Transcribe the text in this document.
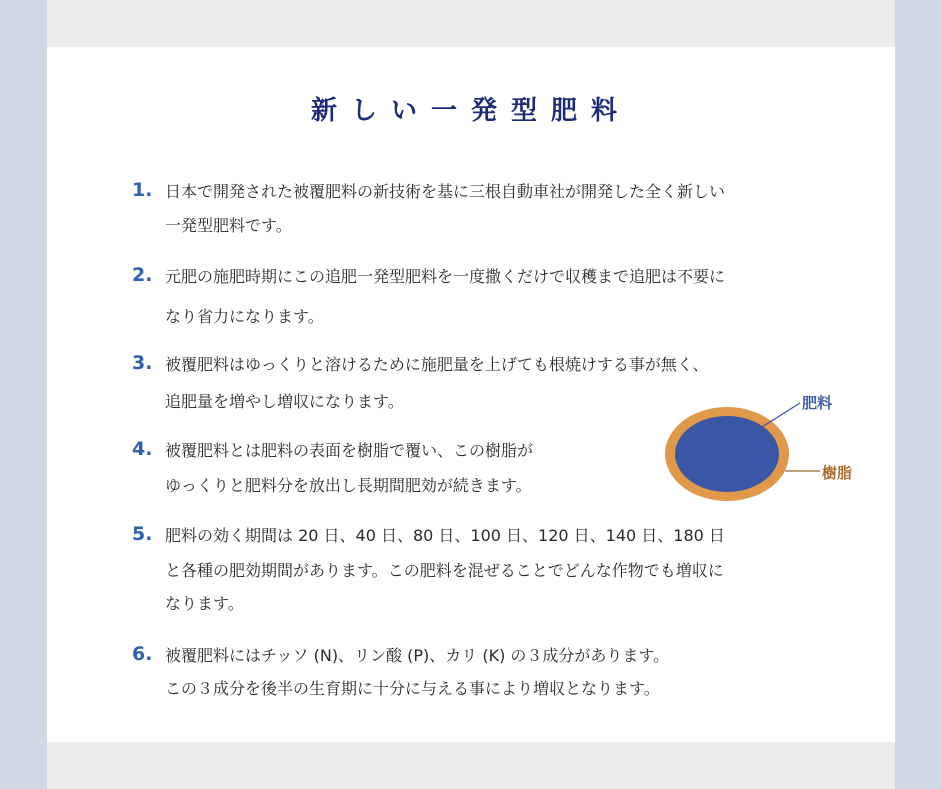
新しい一発型肥料
1. 日本で開発された被覆肥料の新技術を基に三根自動車社が開発した全く新しい
一発型肥料です。
2. 元肥の施肥時期にこの追肥一発型肥料を一度撒くだけで収穫まで追肥は不要に
なり省力になります。
3. 被覆肥料はゆっくりと溶けるために施肥量を上げても根焼けする事が無く、
追肥量を増やし増収になります。
4. 被覆肥料とは肥料の表面を樹脂で覆い、この樹脂が
ゆっくりと肥料分を放出し長期間肥効が続きます。
5. 肥料の効く期間は 20 日、40 日、80 日、100 日、120 日、140 日、180 日
と各種の肥効期間があります。この肥料を混ぜることでどんな作物でも増収に
なります。
6. 被覆肥料にはチッソ (N)、リン酸 (P)、カリ (K) の３成分があります。
この３成分を後半の生育期に十分に与える事により増収となります。
肥料
樹脂
